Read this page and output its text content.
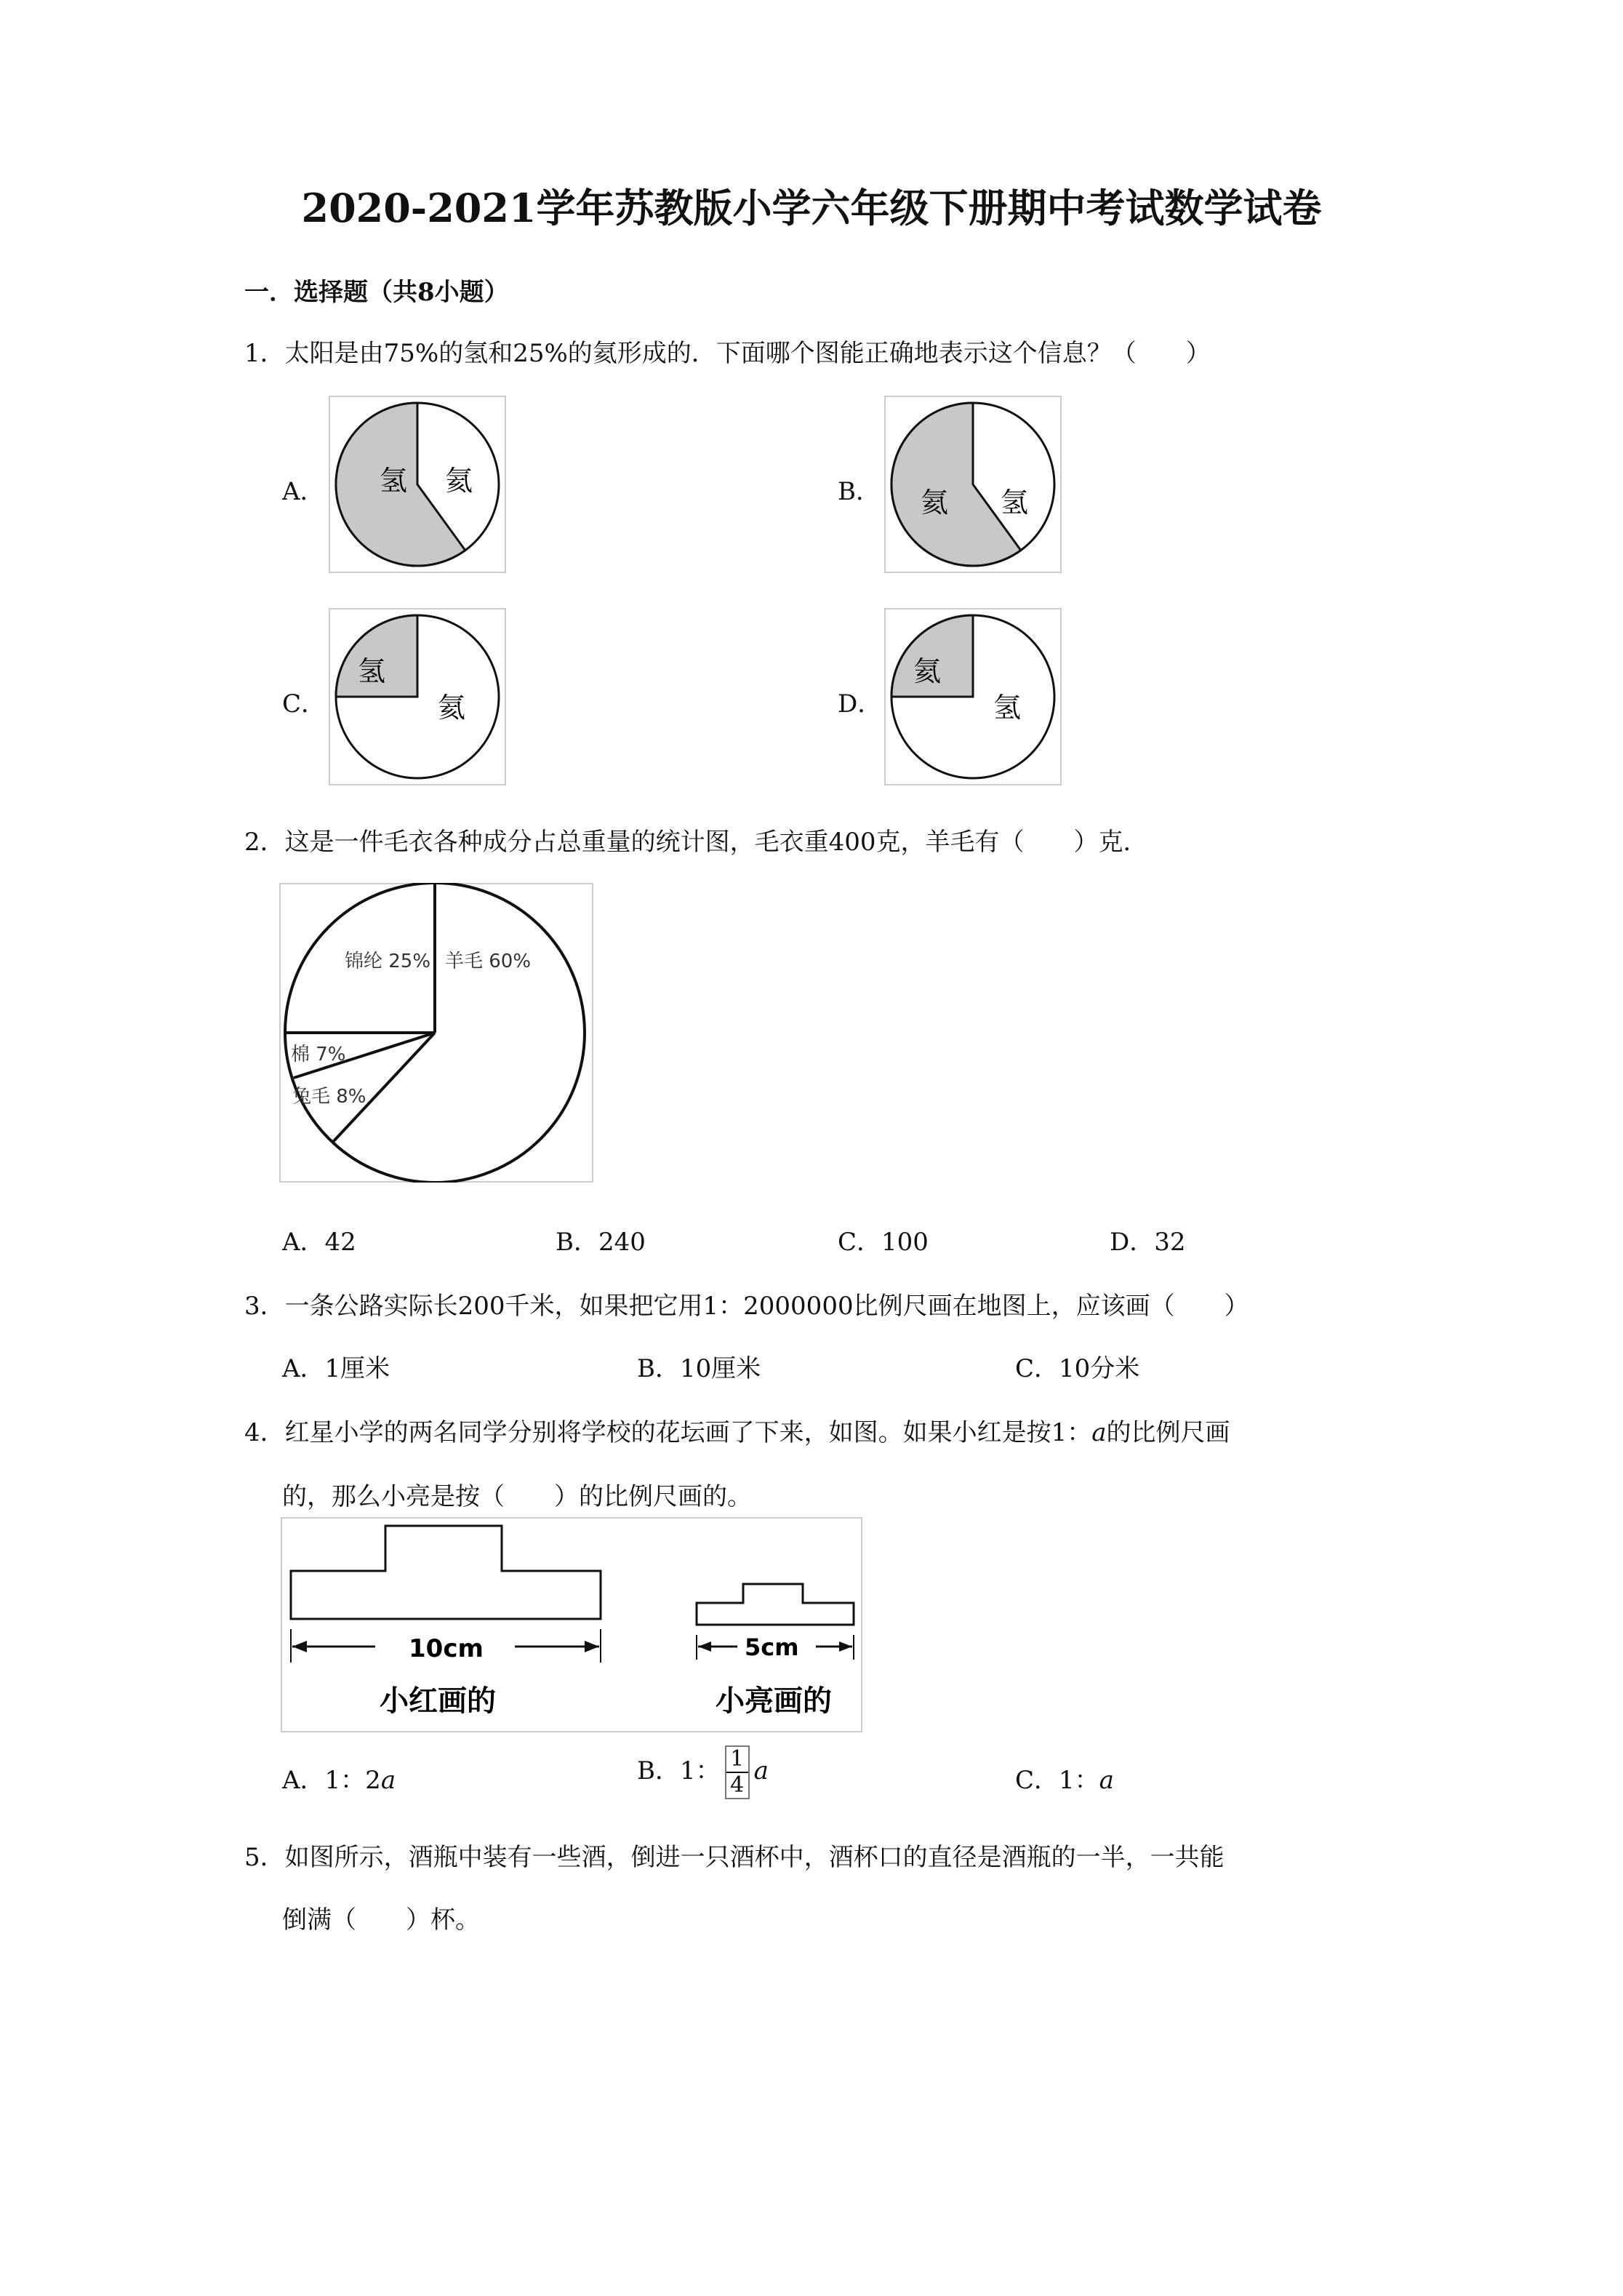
2020-2021学年苏教版小学六年级下册期中考试数学试卷
一．选择题（共8小题）
1．太阳是由75%的氢和25%的氦形成的．下面哪个图能正确地表示这个信息？（　　）
A． 氢 氦	B． 氦 氢
C．
氢
氦	D．
氦
氢
2．这是一件毛衣各种成分占总重量的统计图，毛衣重400克，羊毛有（　　）克．
锦纶 25% 羊毛 60%
棉 7%
兔毛 8%
A．42	B．240	C．100	D．32
3．一条公路实际长200千米，如果把它用1：2000000比例尺画在地图上，应该画（　　）
A．1厘米	B．10厘米	C．10分米
4．红星小学的两名同学分别将学校的花坛画了下来，如图。如果小红是按1：a的比例尺画
的，那么小亮是按（　　）的比例尺画的。
10cm
小红画的
5cm
小亮画的
A．1：2a	B．1： $\frac{1}{4}$ a	C．1：a
5．如图所示，酒瓶中装有一些酒，倒进一只酒杯中，酒杯口的直径是酒瓶的一半，一共能
倒满（　　）杯。
